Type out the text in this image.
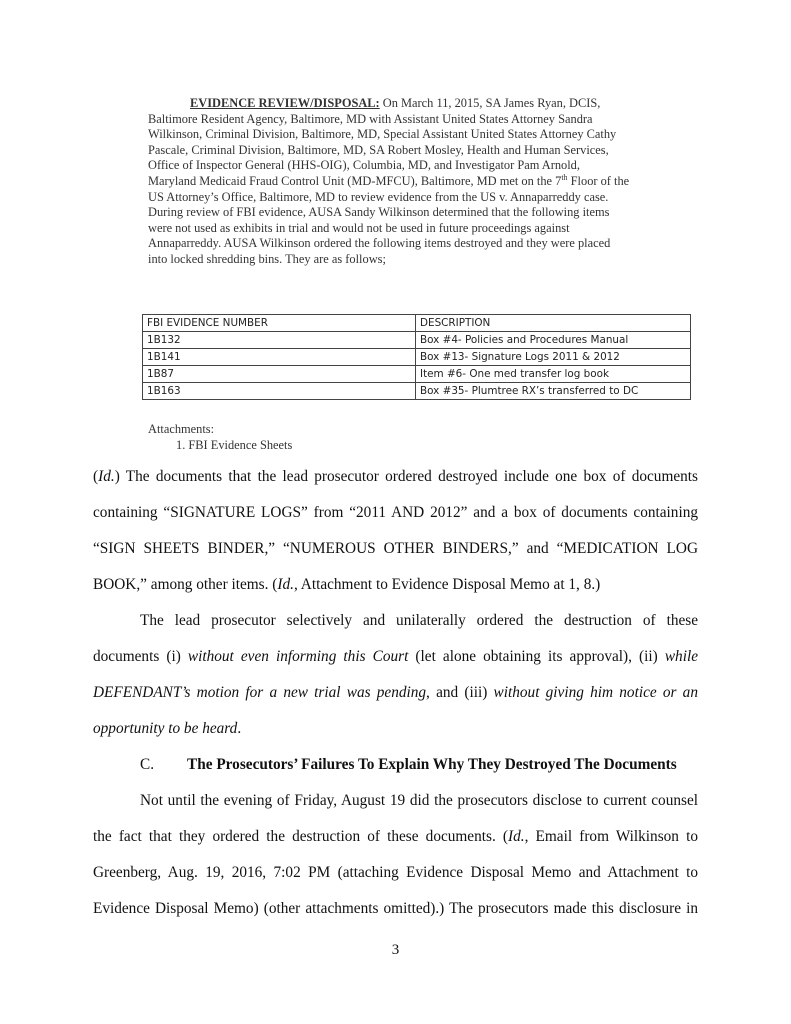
EVIDENCE REVIEW/DISPOSAL: On March 11, 2015, SA James Ryan, DCIS,

Baltimore Resident Agency, Baltimore, MD with Assistant United States Attorney Sandra

Wilkinson, Criminal Division, Baltimore, MD, Special Assistant United States Attorney Cathy

Pascale, Criminal Division, Baltimore, MD, SA Robert Mosley, Health and Human Services,

Office of Inspector General (HHS-OIG), Columbia, MD, and Investigator Pam Arnold,

Maryland Medicaid Fraud Control Unit (MD-MFCU), Baltimore, MD met on the 7th Floor of the

US Attorney’s Office, Baltimore, MD to review evidence from the US v. Annaparreddy case.

During review of FBI evidence, AUSA Sandy Wilkinson determined that the following items

were not used as exhibits in trial and would not be used in future proceedings against

Annaparreddy. AUSA Wilkinson ordered the following items destroyed and they were placed

into locked shredding bins. They are as follows;

FBI EVIDENCE NUMBER	DESCRIPTION
1B132	Box #4- Policies and Procedures Manual
1B141	Box #13- Signature Logs 2011 & 2012
1B87	Item #6- One med transfer log book
1B163	Box #35- Plumtree RX’s transferred to DC
Attachments:
1. FBI Evidence Sheets
(Id.) The documents that the lead prosecutor ordered destroyed include one box of documents
containing “SIGNATURE LOGS” from “2011 AND 2012” and a box of documents containing
“SIGN SHEETS BINDER,” “NUMEROUS OTHER BINDERS,” and “MEDICATION LOG
BOOK,” among other items. (Id., Attachment to Evidence Disposal Memo at 1, 8.)
The lead prosecutor selectively and unilaterally ordered the destruction of these
documents (i) without even informing this Court (let alone obtaining its approval), (ii) while
DEFENDANT’s motion for a new trial was pending, and (iii) without giving him notice or an
opportunity to be heard.
C. The Prosecutors’ Failures To Explain Why They Destroyed The Documents
Not until the evening of Friday, August 19 did the prosecutors disclose to current counsel
the fact that they ordered the destruction of these documents. (Id., Email from Wilkinson to
Greenberg, Aug. 19, 2016, 7:02 PM (attaching Evidence Disposal Memo and Attachment to
Evidence Disposal Memo) (other attachments omitted).) The prosecutors made this disclosure in
3
